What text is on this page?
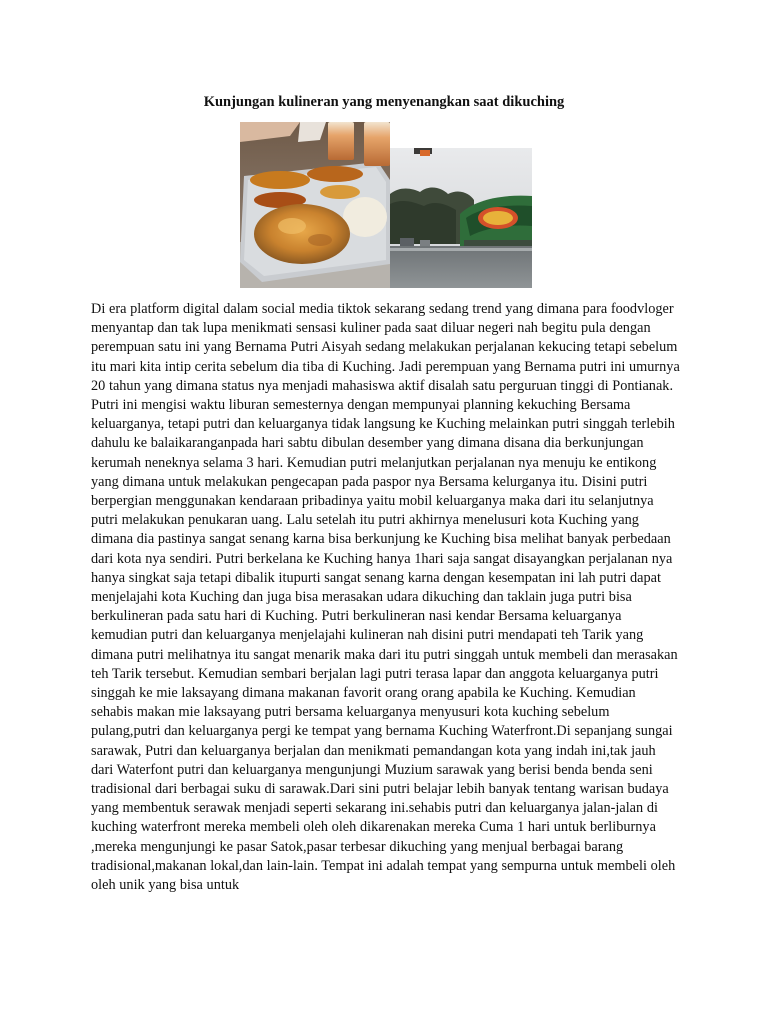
Kunjungan kulineran yang menyenangkan saat dikuching

Di era platform digital dalam social media tiktok sekarang sedang trend yang dimana para foodvloger menyantap dan tak lupa menikmati sensasi kuliner pada saat diluar negeri nah begitu pula dengan perempuan satu ini yang Bernama Putri Aisyah sedang melakukan perjalanan kekucing tetapi sebelum itu mari kita intip cerita sebelum dia tiba di Kuching. Jadi perempuan yang Bernama putri ini umurnya 20 tahun yang dimana status nya menjadi mahasiswa aktif disalah satu perguruan tinggi di Pontianak. Putri ini mengisi waktu liburan semesternya dengan mempunyai planning kekuching Bersama keluarganya, tetapi putri dan keluarganya tidak langsung ke Kuching melainkan putri singgah terlebih dahulu ke balaikaranganpada hari sabtu dibulan desember yang dimana disana dia berkunjungan kerumah neneknya selama 3 hari. Kemudian putri melanjutkan perjalanan nya menuju ke entikong yang dimana untuk melakukan pengecapan pada paspor nya Bersama kelurganya itu. Disini putri berpergian menggunakan kendaraan pribadinya yaitu mobil keluarganya maka dari itu selanjutnya putri melakukan penukaran uang. Lalu setelah itu putri akhirnya menelusuri kota Kuching yang dimana dia pastinya sangat senang karna bisa berkunjung ke Kuching bisa melihat banyak perbedaan dari kota nya sendiri. Putri berkelana ke Kuching hanya 1hari saja sangat disayangkan perjalanan nya hanya singkat saja tetapi dibalik itupurti sangat senang karna dengan kesempatan ini lah putri dapat menjelajahi kota Kuching dan juga bisa merasakan udara dikuching dan taklain juga putri bisa berkulineran pada satu hari di Kuching. Putri berkulineran nasi kendar Bersama keluarganya kemudian putri dan keluarganya menjelajahi kulineran nah disini putri mendapati teh Tarik yang dimana putri melihatnya itu sangat menarik maka dari itu putri singgah untuk membeli dan merasakan teh Tarik tersebut. Kemudian sembari berjalan lagi putri terasa lapar dan anggota keluarganya putri singgah ke mie laksayang dimana makanan favorit orang orang apabila ke Kuching. Kemudian sehabis makan mie laksayang putri bersama keluarganya menyusuri kota kuching sebelum pulang,putri dan keluarganya pergi ke tempat yang bernama Kuching Waterfront.Di sepanjang sungai sarawak, Putri dan keluarganya berjalan dan menikmati pemandangan kota yang indah ini,tak jauh dari Waterfont putri dan keluarganya mengunjungi Muzium sarawak yang berisi benda benda seni tradisional dari berbagai suku di sarawak.Dari sini putri belajar lebih banyak tentang warisan budaya yang membentuk serawak menjadi seperti sekarang ini.sehabis putri dan keluarganya jalan-jalan di kuching waterfront mereka membeli oleh oleh dikarenakan mereka Cuma 1 hari untuk berliburnya ,mereka mengunjungi ke pasar Satok,pasar terbesar dikuching yang menjual berbagai barang tradisional,makanan lokal,dan lain-lain. Tempat ini adalah tempat yang sempurna untuk membeli oleh oleh unik yang bisa untuk
